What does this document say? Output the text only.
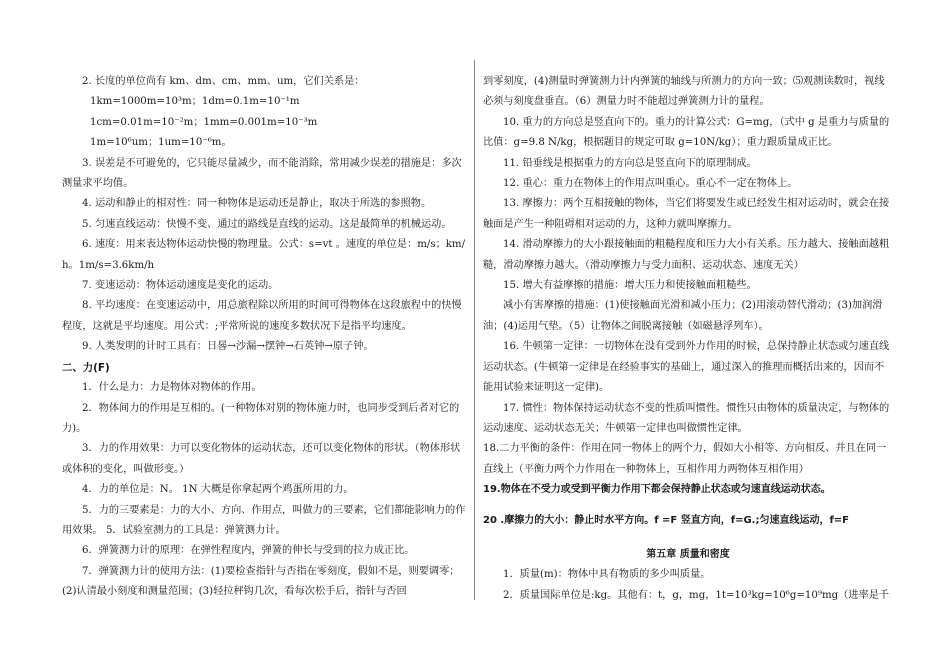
2. 长度的单位尚有 km、dm、cm、mm、um，它们关系是：

1km=1000m=10³m；1dm=0.1m=10⁻¹m

1cm=0.01m=10⁻²m；1mm=0.001m=10⁻³m

1m=10⁶um；1um=10⁻⁶m。

3. 误差是不可避免的，它只能尽量减少，而不能消除，常用减少误差的措施是：多次测量求平均值。

4. 运动和静止的相对性：同一种物体是运动还是静止，取决于所选的参照物。

5. 匀速直线运动：快慢不变、通过的路线是直线的运动。这是最简单的机械运动。

6. 速度：用来表达物体运动快慢的物理量。公式：s=vt 。速度的单位是：m/s；km/h。1m/s=3.6km/h

7. 变速运动：物体运动速度是变化的运动。

8. 平均速度：在变速运动中，用总旅程除以所用的时间可得物体在这段旅程中的快慢程度，这就是平均速度。用公式：;平常所说的速度多数状况下是指平均速度。

9. 人类发明的计时工具有：日晷→沙漏→摆钟→石英钟→原子钟。

二、力(F)

1．什么是力：力是物体对物体的作用。

2．物体间力的作用是互相的。(一种物体对别的物体施力时，也同步受到后者对它的力)。

3．力的作用效果：力可以变化物体的运动状态，还可以变化物体的形状。（物体形状或体积的变化，叫做形变。）

4．力的单位是：N。 1N 大概是你拿起两个鸡蛋所用的力。

5．力的三要素是：力的大小、方向、作用点，叫做力的三要素，它们都能影响力的作用效果。 5．试验室测力的工具是：弹簧测力计。

6．弹簧测力计的原理：在弹性程度内，弹簧的伸长与受到的拉力成正比。

7．弹簧测力计的使用方法：(1)要检查指针与否指在零刻度，假如不是，则要调零；(2)认清最小刻度和测量范围；(3)轻拉秤钩几次，看每次松手后，指针与否回

到零刻度，(4)测量时弹簧测力计内弹簧的轴线与所测力的方向一致；⑸观测读数时，视线必须与刻度盘垂直。（6）测量力时不能超过弹簧测力计的量程。

10. 重力的方向总是竖直向下的。重力的计算公式：G=mg，（式中 g 是重力与质量的比值：g=9.8 N/kg，根据题目的规定可取 g=10N/kg）；重力跟质量成正比。

11. 铅垂线是根据重力的方向总是竖直向下的原理制成。

12. 重心：重力在物体上的作用点叫重心。重心不一定在物体上。

13. 摩擦力：两个互相接触的物体，当它们将要发生或已经发生相对运动时，就会在接触面是产生一种阻碍相对运动的力，这种力就叫摩擦力。

14. 滑动摩擦力的大小跟接触面的粗糙程度和压力大小有关系。压力越大、接触面越粗糙，滑动摩擦力越大。（滑动摩擦力与受力面积、运动状态、速度无关）

15. 增大有益摩擦的措施：增大压力和使接触面粗糙些。

减小有害摩擦的措施：(1)使接触面光滑和减小压力；(2)用滚动替代滑动；(3)加润滑油；(4)运用气垫。（5）让物体之间脱离接触（如磁悬浮列车）。

16. 牛顿第一定律：一切物体在没有受到外力作用的时候，总保持静止状态或匀速直线运动状态。(牛顿第一定律是在经验事实的基础上，通过深入的推理而概括出来的，因而不能用试验来证明这一定律)。

17. 惯性：物体保持运动状态不变的性质叫惯性。惯性只由物体的质量决定，与物体的运动速度、运动状态无关；牛顿第一定律也叫做惯性定律。

18.二力平衡的条件：作用在同一物体上的两个力，假如大小相等、方向相反、并且在同一直线上（平衡力两个力作用在一种物体上，互相作用力两物体互相作用）

19.物体在不受力或受到平衡力作用下都会保持静止状态或匀速直线运动状态。

20 .摩擦力的大小：静止时水平方向。f =F 竖直方向，f=G.;匀速直线运动，f=F

第五章 质量和密度

1．质量(m)：物体中具有物质的多少叫质量。

2．质量国际单位是:kg。其他有：t，g，mg，1t=10³kg=10⁶g=10⁹mg（进率是千
